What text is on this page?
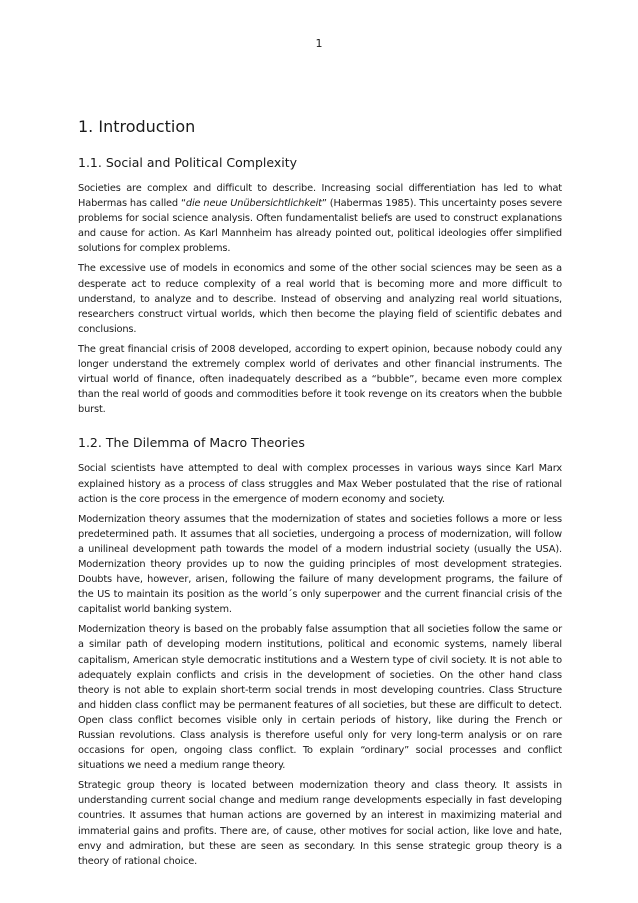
1
1. Introduction
1.1. Social and Political Complexity

Societies are complex and difficult to describe. Increasing social differentiation has led to what Habermas has called “die neue Unübersichtlichkeit” (Habermas 1985). This uncertainty poses severe problems for social science analysis. Often fundamentalist beliefs are used to construct explanations and cause for action. As Karl Mannheim has already pointed out, political ideologies offer simplified solutions for complex problems.

The excessive use of models in economics and some of the other social sciences may be seen as a desperate act to reduce complexity of a real world that is becoming more and more difficult to understand, to analyze and to describe. Instead of observing and analyzing real world situations, researchers construct virtual worlds, which then become the playing field of scientific debates and conclusions.

The great financial crisis of 2008 developed, according to expert opinion, because nobody could any longer understand the extremely complex world of derivates and other financial instruments. The virtual world of finance, often inadequately described as a “bubble”, became even more complex than the real world of goods and commodities before it took revenge on its creators when the bubble burst.

1.2. The Dilemma of Macro Theories

Social scientists have attempted to deal with complex processes in various ways since Karl Marx explained history as a process of class struggles and Max Weber postulated that the rise of rational action is the core process in the emergence of modern economy and society.

Modernization theory assumes that the modernization of states and societies follows a more or less predetermined path. It assumes that all societies, undergoing a process of modernization, will follow a unilineal development path towards the model of a modern industrial society (usually the USA). Modernization theory provides up to now the guiding principles of most development strategies. Doubts have, however, arisen, following the failure of many development programs, the failure of the US to maintain its position as the world´s only superpower and the current financial crisis of the capitalist world banking system.

Modernization theory is based on the probably false assumption that all societies follow the same or a similar path of developing modern institutions, political and economic systems, namely liberal capitalism, American style democratic institutions and a Western type of civil society. It is not able to adequately explain conflicts and crisis in the development of societies. On the other hand class theory is not able to explain short-term social trends in most developing countries. Class Structure and hidden class conflict may be permanent features of all societies, but these are difficult to detect. Open class conflict becomes visible only in certain periods of history, like during the French or Russian revolutions. Class analysis is therefore useful only for very long-term analysis or on rare occasions for open, ongoing class conflict. To explain “ordinary” social processes and conflict situations we need a medium range theory.

Strategic group theory is located between modernization theory and class theory. It assists in understanding current social change and medium range developments especially in fast developing countries. It assumes that human actions are governed by an interest in maximizing material and immaterial gains and profits. There are, of cause, other motives for social action, like love and hate, envy and admiration, but these are seen as secondary. In this sense strategic group theory is a theory of rational choice.
